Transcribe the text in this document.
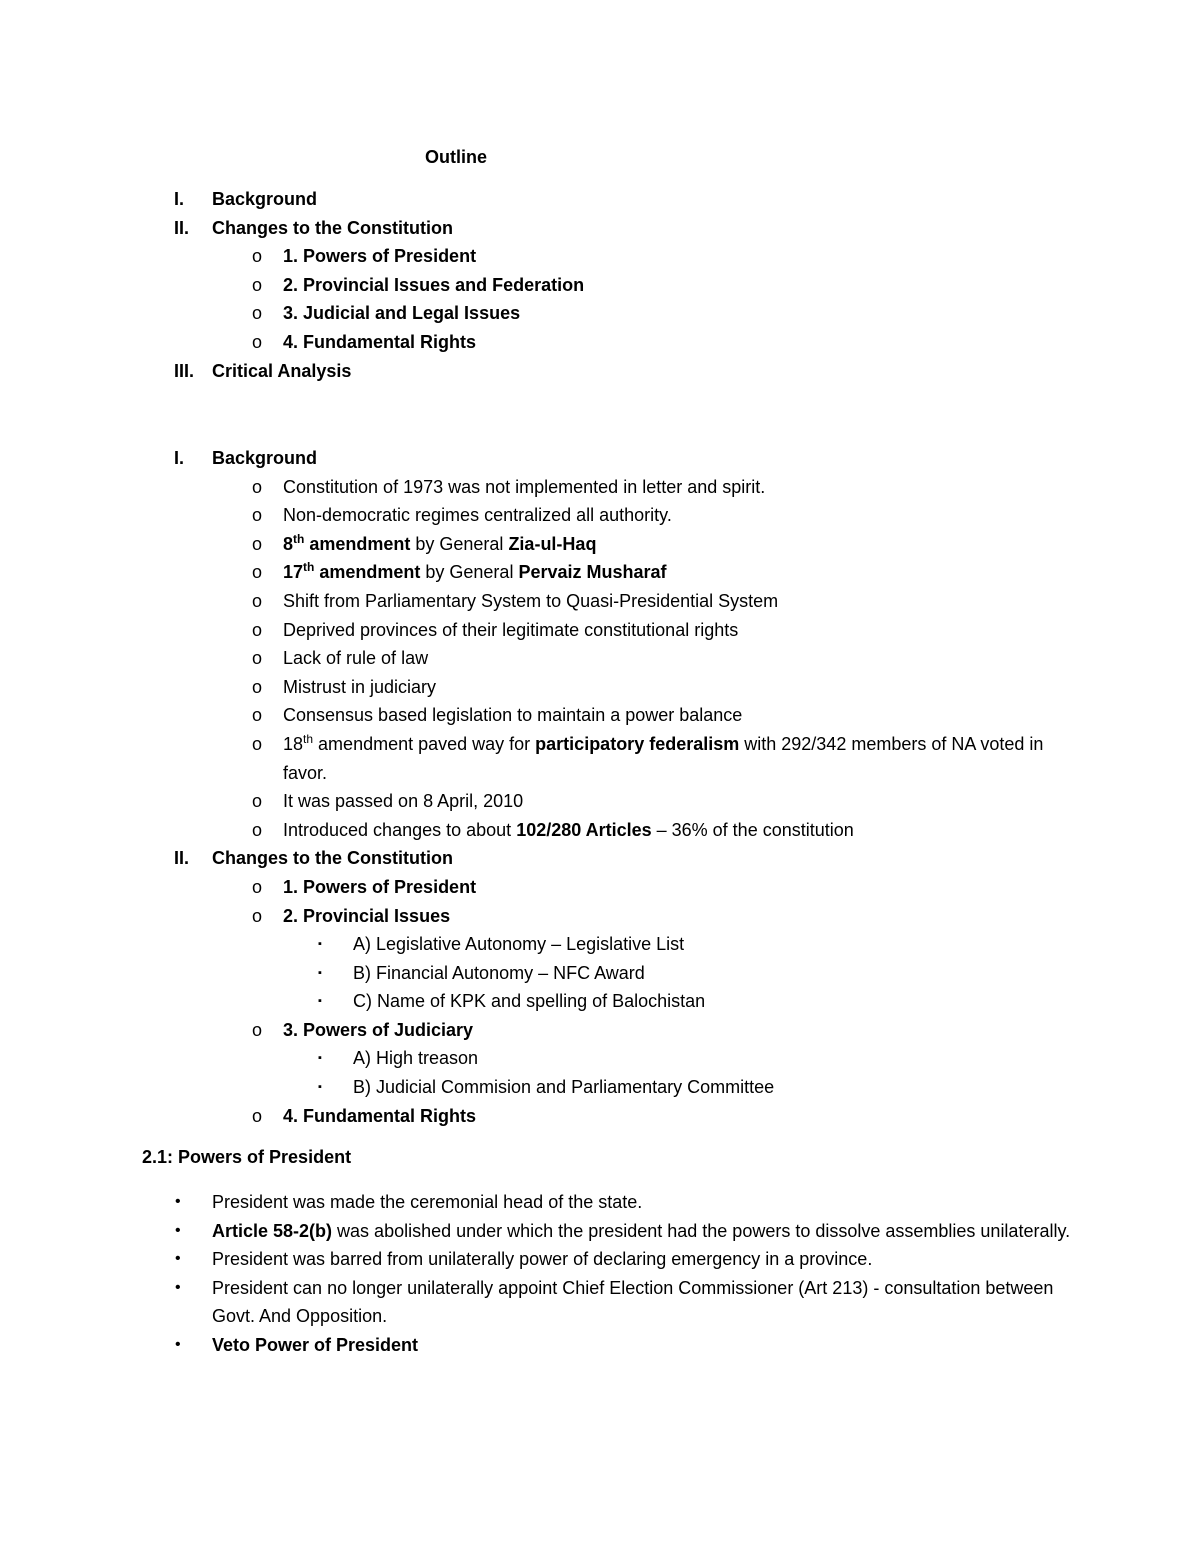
Outline
I. Background
II. Changes to the Constitution
o 1. Powers of President
o 2. Provincial Issues and Federation
o 3. Judicial and Legal Issues
o 4. Fundamental Rights
III. Critical Analysis
I. Background
o Constitution of 1973 was not implemented in letter and spirit.
o Non-democratic regimes centralized all authority.
o 8th amendment by General Zia-ul-Haq
o 17th amendment by General Pervaiz Musharaf
o Shift from Parliamentary System to Quasi-Presidential System
o Deprived provinces of their legitimate constitutional rights
o Lack of rule of law
o Mistrust in judiciary
o Consensus based legislation to maintain a power balance
o 18th amendment paved way for participatory federalism with 292/342 members of NA voted in favor.
o It was passed on 8 April, 2010
o Introduced changes to about 102/280 Articles – 36% of the constitution
II. Changes to the Constitution
o 1. Powers of President
o 2. Provincial Issues
▪ A) Legislative Autonomy – Legislative List
▪ B) Financial Autonomy – NFC Award
▪ C) Name of KPK and spelling of Balochistan
o 3. Powers of Judiciary
▪ A) High treason
▪ B) Judicial Commision and Parliamentary Committee
o 4. Fundamental Rights
2.1: Powers of President
• President was made the ceremonial head of the state.
• Article 58-2(b) was abolished under which the president had the powers to dissolve assemblies unilaterally.
• President was barred from unilaterally power of declaring emergency in a province.
• President can no longer unilaterally appoint Chief Election Commissioner (Art 213) - consultation between Govt. And Opposition.
• Veto Power of President
